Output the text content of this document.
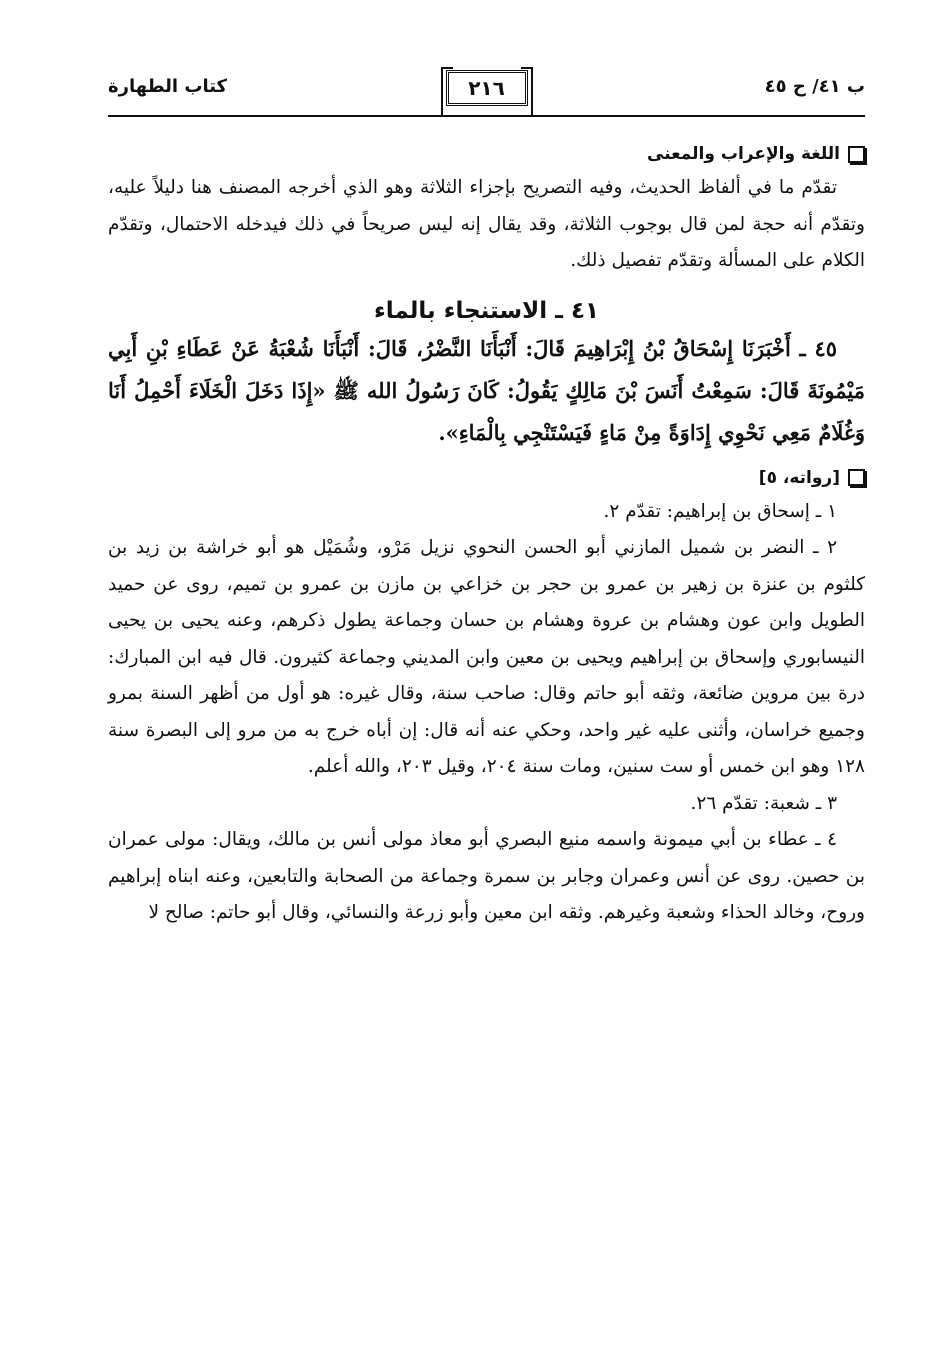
ب ٤١/ ح ٤٥
٢١٦
كتاب الطهارة
اللغة والإعراب والمعنى

تقدّم ما في ألفاظ الحديث، وفيه التصريح بإجزاء الثلاثة وهو الذي أخرجه المصنف هنا دليلاً عليه، وتقدّم أنه حجة لمن قال بوجوب الثلاثة، وقد يقال إنه ليس صريحاً في ذلك فيدخله الاحتمال، وتقدّم الكلام على المسألة وتقدّم تفصيل ذلك.

٤١ ـ الاستنجاء بالماء

٤٥ ـ أَخْبَرَنَا إِسْحَاقُ بْنُ إِبْرَاهِيمَ قَالَ: أَنْبَأَنَا النَّضْرُ، قَالَ: أَنْبَأَنَا شُعْبَةُ عَنْ عَطَاءِ بْنِ أَبِي مَيْمُونَةَ قَالَ: سَمِعْتُ أَنَسَ بْنَ مَالِكٍ يَقُولُ: كَانَ رَسُولُ الله ﷺ «إِذَا دَخَلَ الْخَلَاءَ أَحْمِلُ أَنَا وَغُلَامٌ مَعِي نَحْوِي إِدَاوَةً مِنْ مَاءٍ فَيَسْتَنْجِي بِالْمَاءِ».

[رواته، ٥]

١ ـ إسحاق بن إبراهيم: تقدّم ٢.

٢ ـ النضر بن شميل المازني أبو الحسن النحوي نزيل مَرْو، وشُمَيْل هو أبو خراشة بن زيد بن كلثوم بن عنزة بن زهير بن عمرو بن حجر بن خزاعي بن مازن بن عمرو بن تميم، روى عن حميد الطويل وابن عون وهشام بن عروة وهشام بن حسان وجماعة يطول ذكرهم، وعنه يحيى بن يحيى النيسابوري وإسحاق بن إبراهيم ويحيى بن معين وابن المديني وجماعة كثيرون. قال فيه ابن المبارك: درة بين مروين ضائعة، وثقه أبو حاتم وقال: صاحب سنة، وقال غيره: هو أول من أظهر السنة بمرو وجميع خراسان، وأثنى عليه غير واحد، وحكي عنه أنه قال: إن أباه خرج به من مرو إلى البصرة سنة ١٢٨ وهو ابن خمس أو ست سنين، ومات سنة ٢٠٤، وقيل ٢٠٣، والله أعلم.

٣ ـ شعبة: تقدّم ٢٦.

٤ ـ عطاء بن أبي ميمونة واسمه منيع البصري أبو معاذ مولى أنس بن مالك، ويقال: مولى عمران بن حصين. روى عن أنس وعمران وجابر بن سمرة وجماعة من الصحابة والتابعين، وعنه ابناه إبراهيم وروح، وخالد الحذاء وشعبة وغيرهم. وثقه ابن معين وأبو زرعة والنسائي، وقال أبو حاتم: صالح لا
